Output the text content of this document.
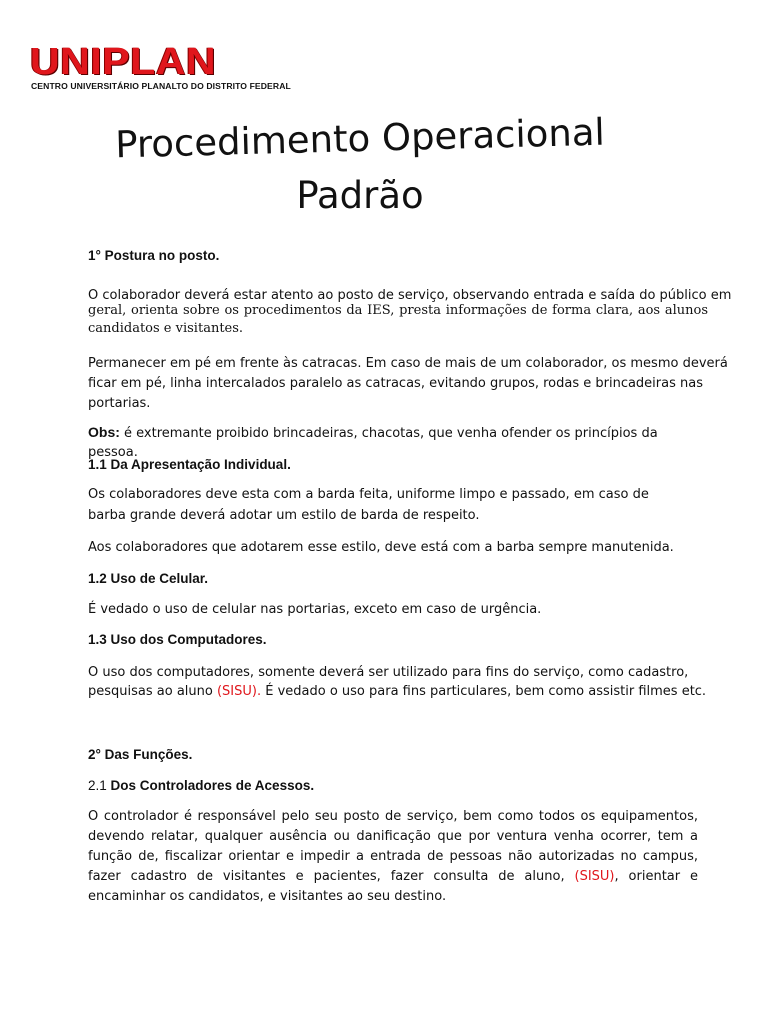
UNIPLAN
CENTRO UNIVERSITÁRIO PLANALTO DO DISTRITO FEDERAL
Procedimento Operacional
Padrão
1° Postura no posto.
O colaborador deverá estar atento ao posto de serviço, observando entrada e saída do público em
geral, orienta sobre os procedimentos da IES, presta informações de forma clara, aos alunos candidatos e visitantes.
Permanecer em pé em frente às catracas. Em caso de mais de um colaborador, os mesmo deverá
ficar em pé, linha intercalados paralelo as catracas, evitando grupos, rodas e brincadeiras nas
portarias.
Obs: é extremante proibido brincadeiras, chacotas, que venha ofender os princípios da pessoa.
1.1 Da Apresentação Individual.
Os colaboradores deve esta com a barda feita, uniforme limpo e passado, em caso de
barba grande deverá adotar um estilo de barda de respeito.
Aos colaboradores que adotarem esse estilo, deve está com a barba sempre manutenida.
1.2 Uso de Celular.
É vedado o uso de celular nas portarias, exceto em caso de urgência.
1.3 Uso dos Computadores.
O uso dos computadores, somente deverá ser utilizado para fins do serviço, como cadastro,
pesquisas ao aluno (SISU). É vedado o uso para fins particulares, bem como assistir filmes etc.
2° Das Funções.
2.1 Dos Controladores de Acessos.
O controlador é responsável pelo seu posto de serviço, bem como todos os equipamentos, devendo relatar, qualquer ausência ou danificação que por ventura venha ocorrer, tem a função de, fiscalizar orientar e impedir a entrada de pessoas não autorizadas no campus, fazer cadastro de visitantes e pacientes, fazer consulta de aluno, (SISU), orientar e encaminhar os candidatos, e visitantes ao seu destino.
